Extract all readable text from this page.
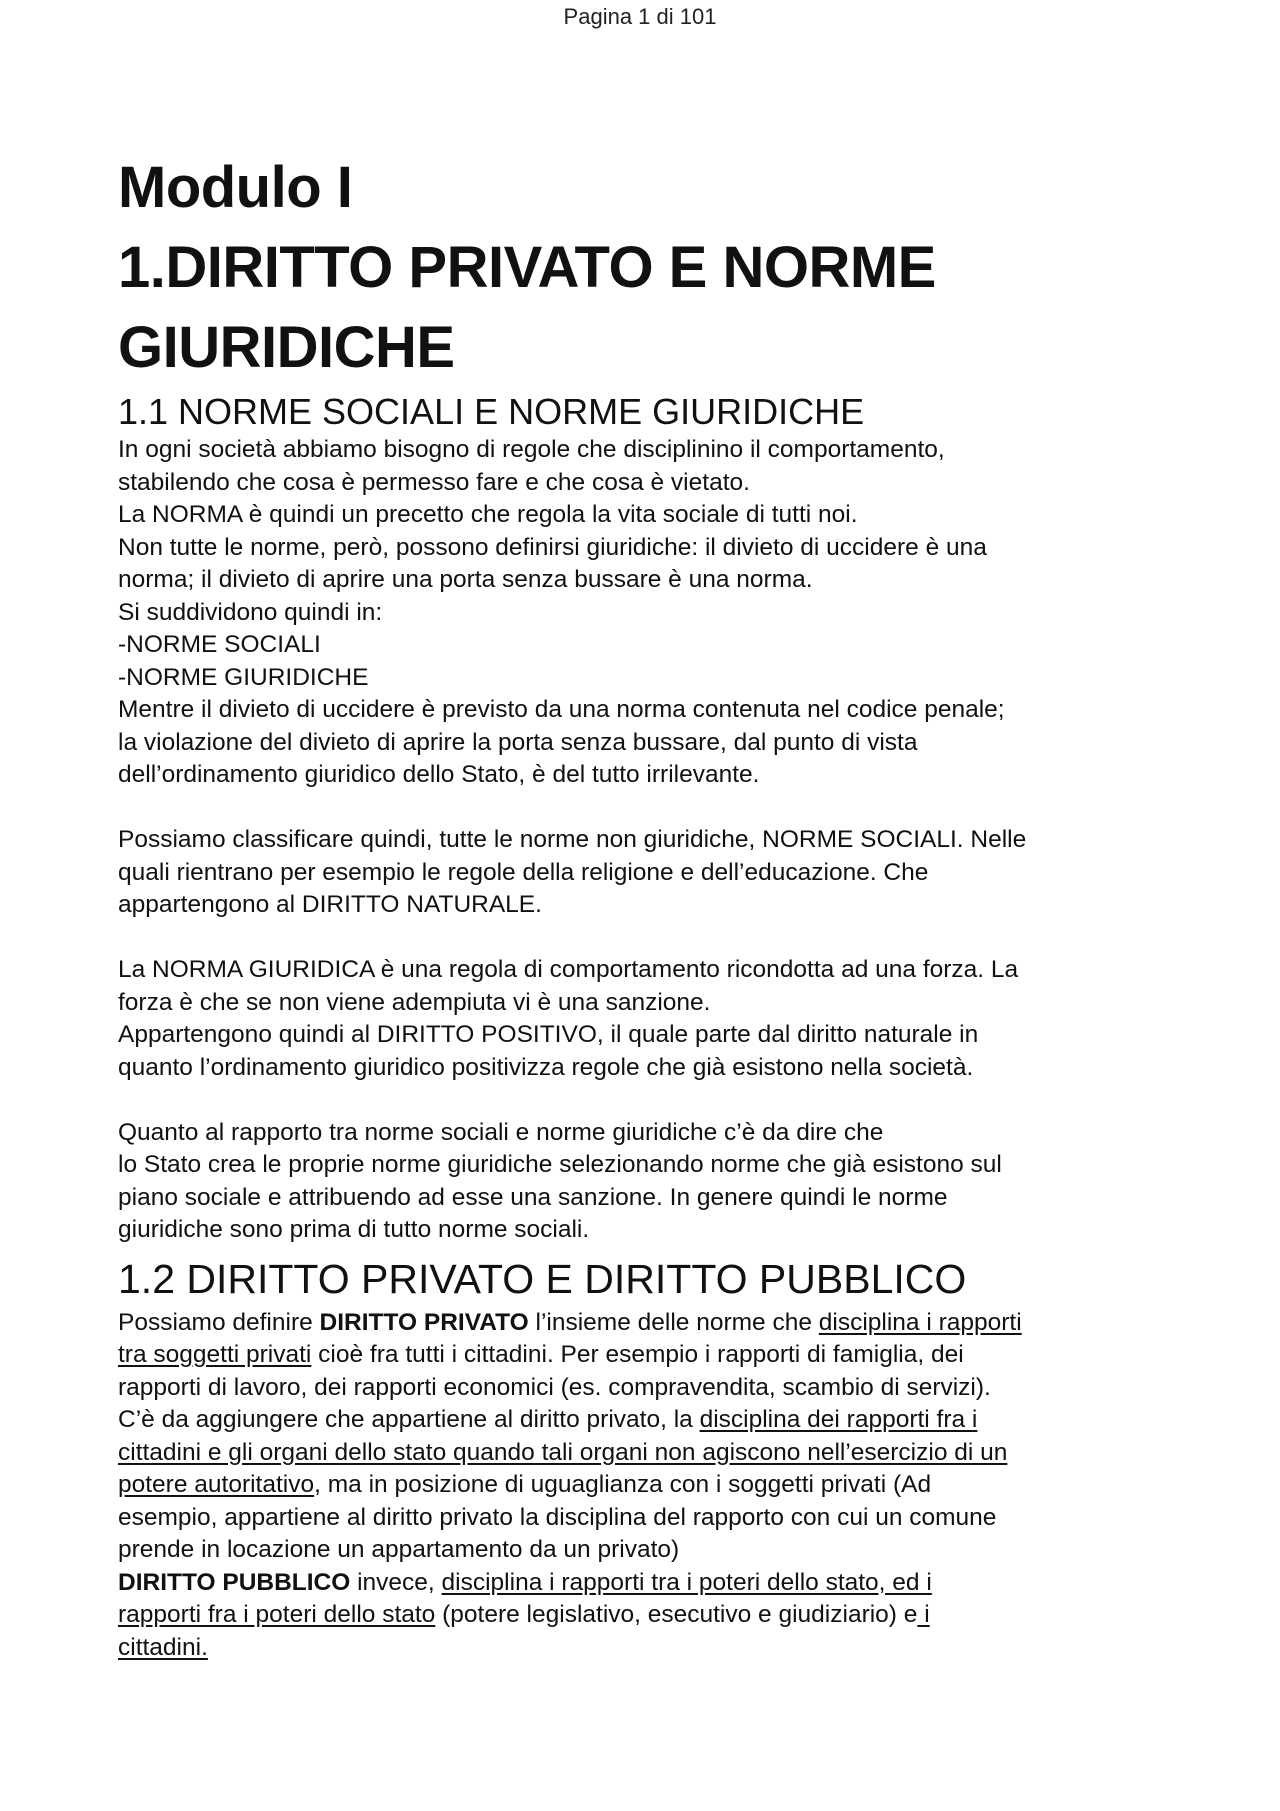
Pagina 1 di 101
Modulo I
1.DIRITTO PRIVATO E NORME
GIURIDICHE
1.1 NORME SOCIALI E NORME GIURIDICHE

In ogni società abbiamo bisogno di regole che disciplinino il comportamento,

stabilendo che cosa è permesso fare e che cosa è vietato.

La NORMA è quindi un precetto che regola la vita sociale di tutti noi.

Non tutte le norme, però, possono definirsi giuridiche: il divieto di uccidere è una

norma; il divieto di aprire una porta senza bussare è una norma.

Si suddividono quindi in:

-NORME SOCIALI

-NORME GIURIDICHE

Mentre il divieto di uccidere è previsto da una norma contenuta nel codice penale;

la violazione del divieto di aprire la porta senza bussare, dal punto di vista

dell’ordinamento giuridico dello Stato, è del tutto irrilevante.

Possiamo classificare quindi, tutte le norme non giuridiche, NORME SOCIALI. Nelle

quali rientrano per esempio le regole della religione e dell’educazione. Che

appartengono al DIRITTO NATURALE.

La NORMA GIURIDICA è una regola di comportamento ricondotta ad una forza. La

forza è che se non viene adempiuta vi è una sanzione.

Appartengono quindi al DIRITTO POSITIVO, il quale parte dal diritto naturale in

quanto l’ordinamento giuridico positivizza regole che già esistono nella società.

Quanto al rapporto tra norme sociali e norme giuridiche c’è da dire che

lo Stato crea le proprie norme giuridiche selezionando norme che già esistono sul

piano sociale e attribuendo ad esse una sanzione. In genere quindi le norme

giuridiche sono prima di tutto norme sociali.

1.2 DIRITTO PRIVATO E DIRITTO PUBBLICO

Possiamo definire DIRITTO PRIVATO l’insieme delle norme che disciplina i rapporti

tra soggetti privati cioè fra tutti i cittadini. Per esempio i rapporti di famiglia, dei

rapporti di lavoro, dei rapporti economici (es. compravendita, scambio di servizi).

C’è da aggiungere che appartiene al diritto privato, la disciplina dei rapporti fra i

cittadini e gli organi dello stato quando tali organi non agiscono nell’esercizio di un

potere autoritativo, ma in posizione di uguaglianza con i soggetti privati (Ad

esempio, appartiene al diritto privato la disciplina del rapporto con cui un comune

prende in locazione un appartamento da un privato)

DIRITTO PUBBLICO invece, disciplina i rapporti tra i poteri dello stato, ed i

rapporti fra i poteri dello stato (potere legislativo, esecutivo e giudiziario) e i

cittadini.
